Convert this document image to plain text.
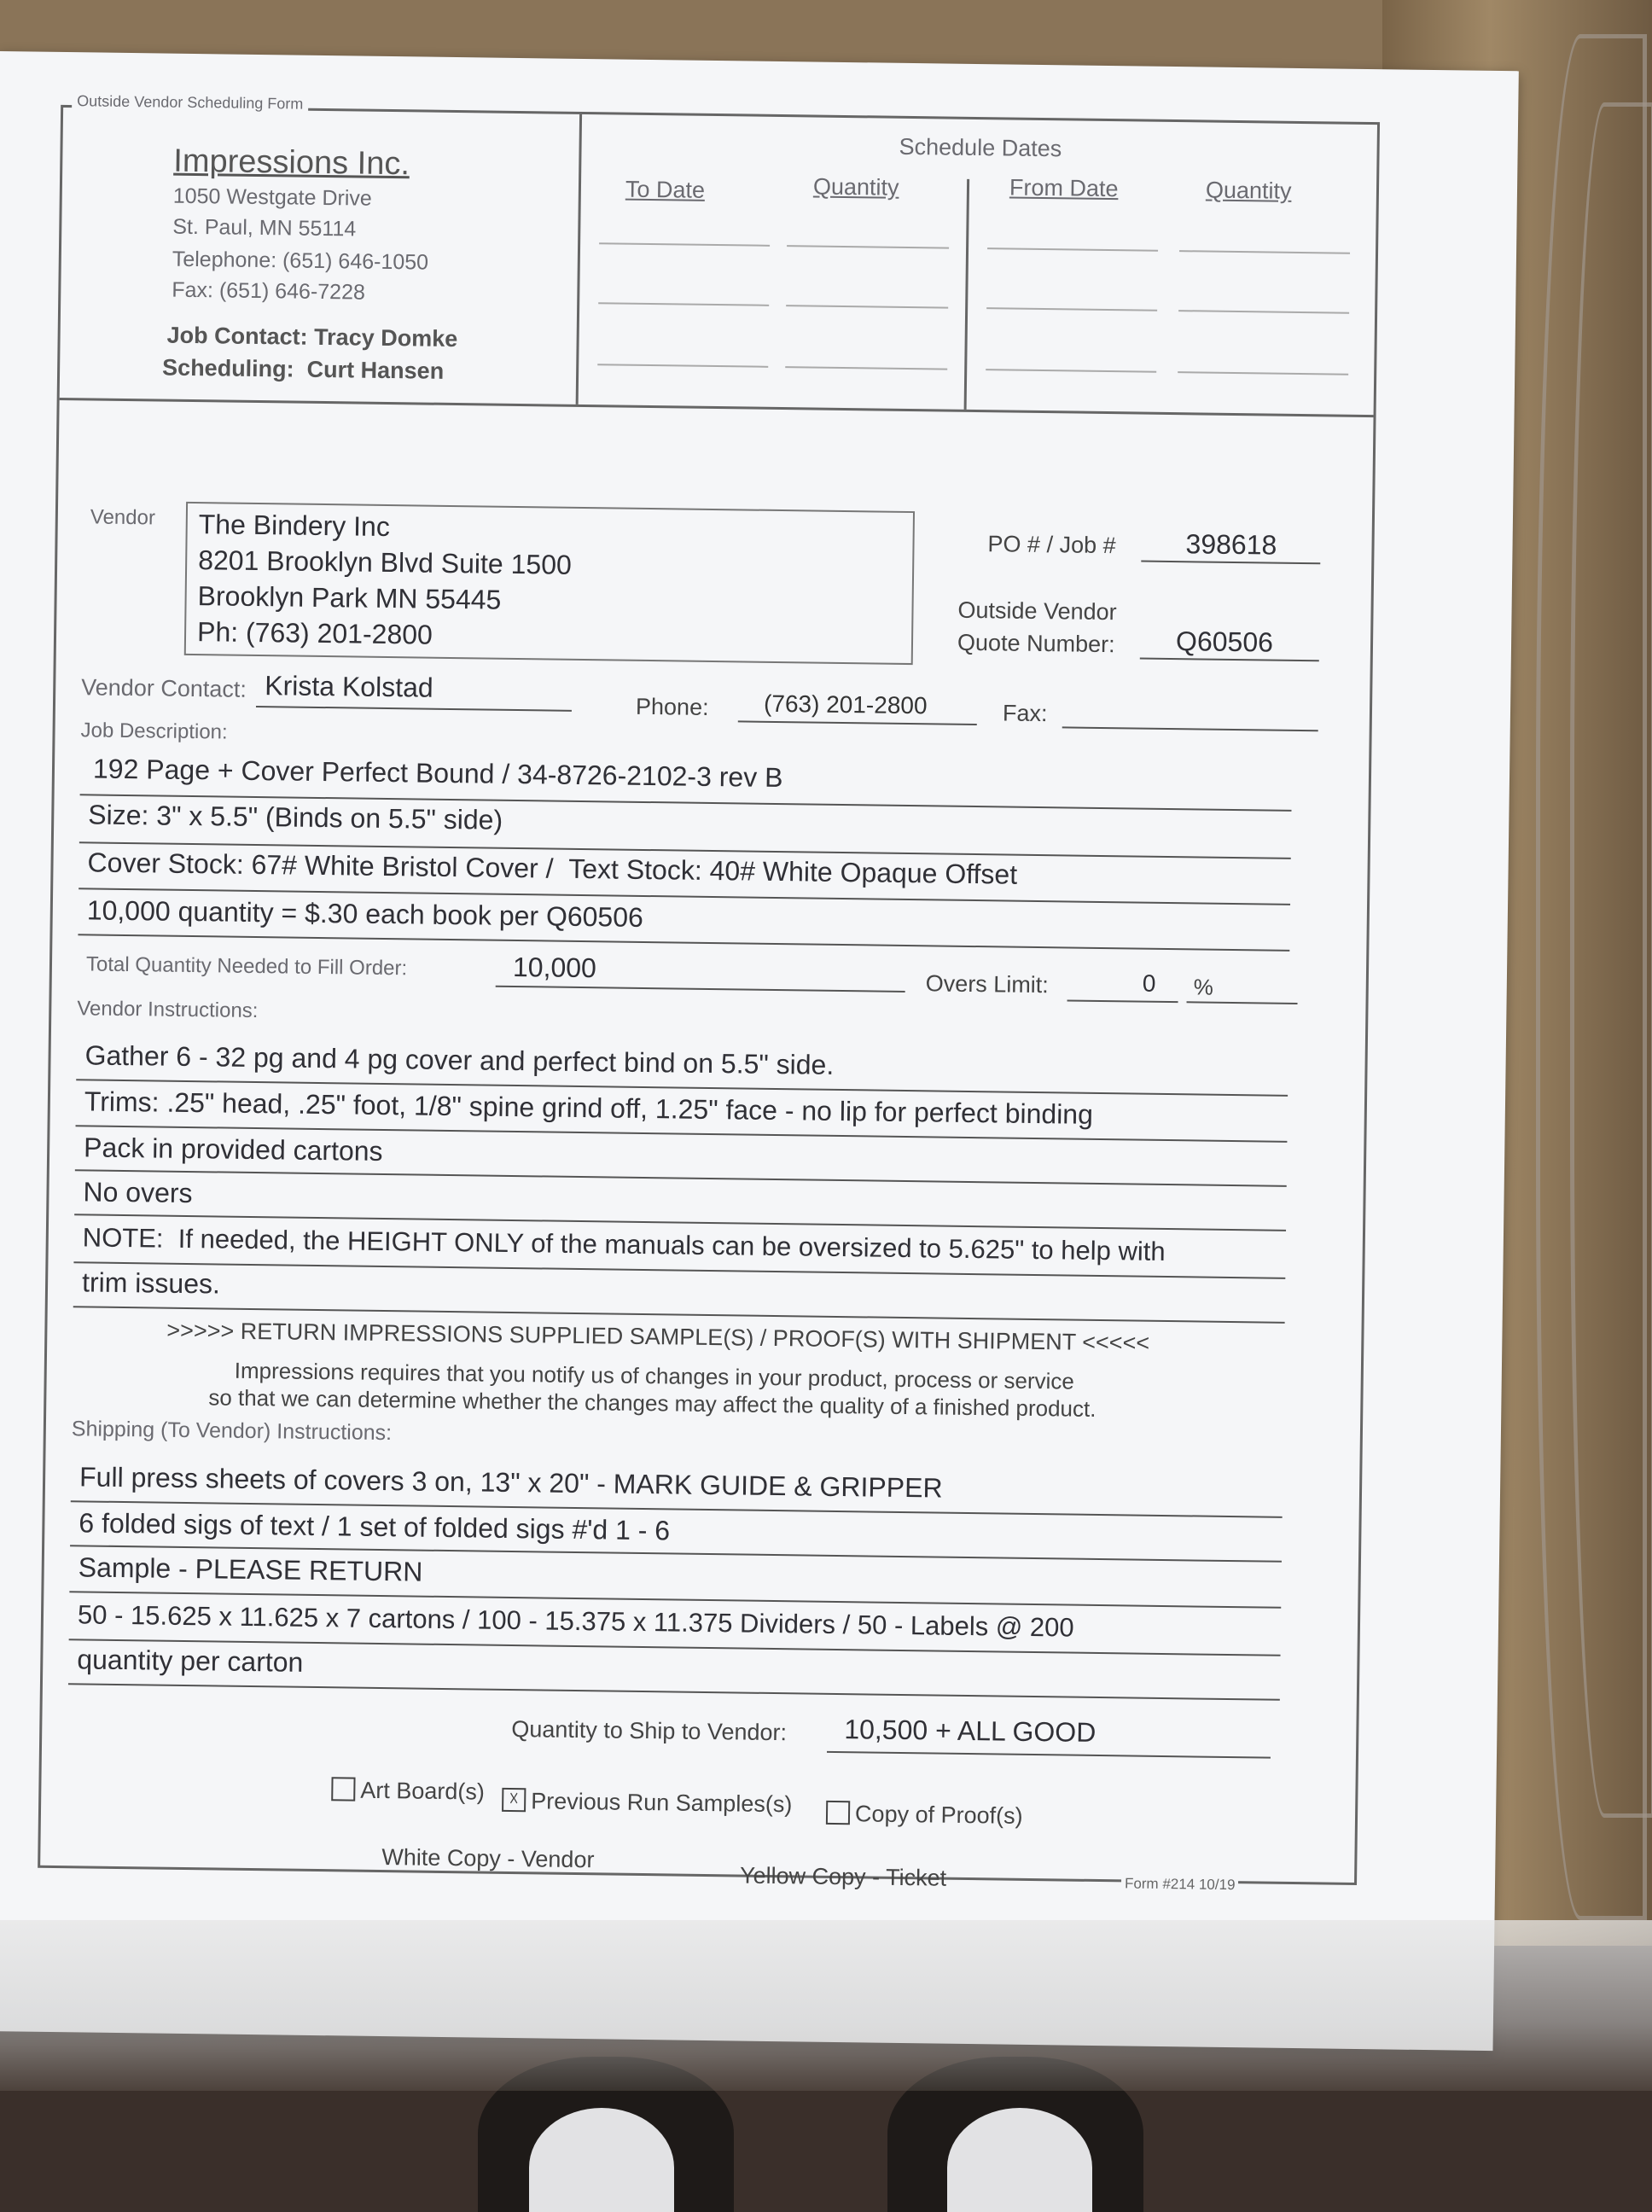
Outside Vendor Scheduling Form
Impressions Inc.
1050 Westgate Drive
St. Paul, MN 55114
Telephone: (651) 646-1050
Fax: (651) 646-7228
Job Contact: Tracy Domke
Scheduling: Curt Hansen
Schedule Dates
To Date	Quantity	From Date	Quantity
Vendor The Bindery Inc
8201 Brooklyn Blvd Suite 1500
Brooklyn Park MN 55445
Ph: (763) 201-2800
PO # / Job #	398618
Outside Vendor
Quote Number: Q60506
Vendor Contact: Krista Kolstad
Phone: (763) 201-2800	Fax:
Job Description:
192 Page + Cover Perfect Bound / 34-8726-2102-3 rev B
Size: 3" x 5.5" (Binds on 5.5" side)
Cover Stock: 67# White Bristol Cover / Text Stock: 40# White Opaque Offset
10,000 quantity = $.30 each book per Q60506
Total Quantity Needed to Fill Order:	10,000
Overs Limit:	0 %
Vendor Instructions:
Gather 6 - 32 pg and 4 pg cover and perfect bind on 5.5" side.
Trims: .25" head, .25" foot, 1/8" spine grind off, 1.25" face - no lip for perfect binding
Pack in provided cartons
No overs
NOTE: If needed, the HEIGHT ONLY of the manuals can be oversized to 5.625" to help with
trim issues.
>>>>> RETURN IMPRESSIONS SUPPLIED SAMPLE(S) / PROOF(S) WITH SHIPMENT <<<<<
Impressions requires that you notify us of changes in your product, process or service
so that we can determine whether the changes may affect the quality of a finished product.
Shipping (To Vendor) Instructions:
Full press sheets of covers 3 on, 13" x 20" - MARK GUIDE & GRIPPER
6 folded sigs of text / 1 set of folded sigs #'d 1 - 6
Sample - PLEASE RETURN
50 - 15.625 x 11.625 x 7 cartons / 100 - 15.375 x 11.375 Dividers / 50 - Labels @ 200
quantity per carton
Quantity to Ship to Vendor: 10,500 + ALL GOOD
Art Board(s)	☓ Previous Run Samples(s)	Copy of Proof(s)
White Copy - Vendor
Yellow Copy - Ticket	Form #214 10/19
